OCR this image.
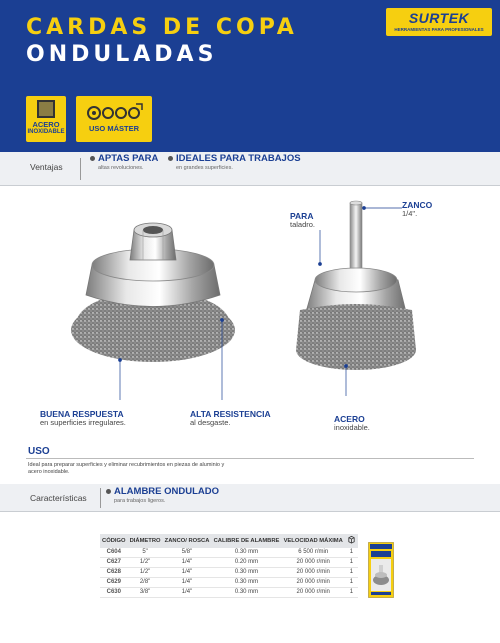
CARDAS DE COPA
ONDULADAS
SURTEK
HERRAMIENTAS PARA PROFESIONALES
ACERO
INOXIDABLE	USO MÁSTER
Ventajas
APTAS PARA
altas revoluciones.
IDEALES PARA TRABAJOS
en grandes superficies.
ZANCO
1/4".
PARA
taladro.
BUENA RESPUESTA
en superficies irregulares.
ALTA RESISTENCIA
al desgaste.	ACERO
inoxidable.
USO
Ideal para preparar superficies y eliminar recubrimientos en piezas de aluminio y acero inoxidable.
Características
ALAMBRE ONDULADO
para trabajos ligeros.
CÓDIGO	DIÁMETRO	ZANCO/ ROSCA	CALIBRE DE ALAMBRE	VELOCIDAD MÁXIMA	
C604	5"	5/8"	0.30 mm	6 500 r/min	1
C627	1/2"	1/4"	0.20 mm	20 000 r/min	1
C628	1/2"	1/4"	0.30 mm	20 000 r/min	1
C629	2/8"	1/4"	0.30 mm	20 000 r/min	1
C630	3/8"	1/4"	0.30 mm	20 000 r/min	1
